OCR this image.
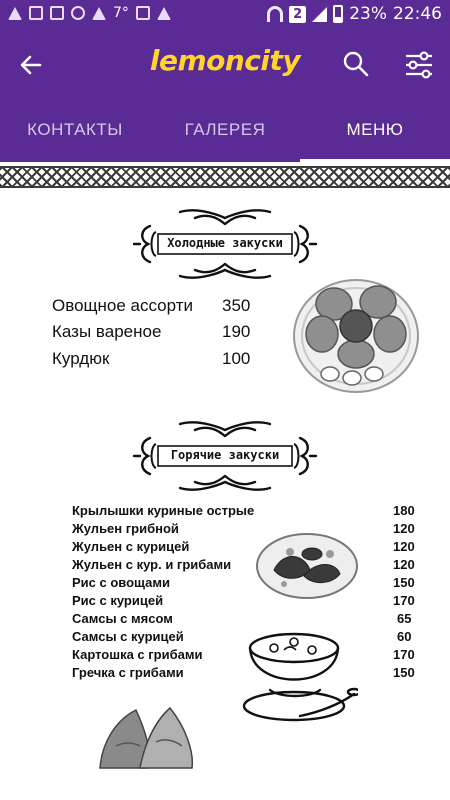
7°	2	23% 22:46
lemoncity
КОНТАКТЫ	ГАЛЕРЕЯ	МЕНЮ
Холодные закуски
Овощное ассорти 350
Казы вареное	190
Курдюк	100
Горячие закуски
Крылышки куриные острые	180
Жульен грибной	120
Жульен с курицей	120
Жульен с кур. и грибами	120
Рис с овощами	150
Рис с курицей	170
Самсы с мясом	65
Самсы с курицей	60
Картошка с грибами	170
Гречка с грибами	150
